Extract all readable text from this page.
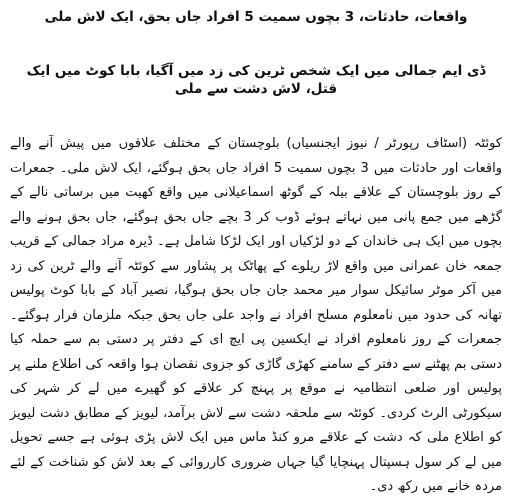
واقعات، حادثات، 3 بچوں سمیت 5 افراد جاں بحق، ایک لاش ملی
ڈی ایم جمالی میں ایک شخص ٹرین کی زد میں آگیا، بابا کوٹ میں ایک قتل، لاش دشت سے ملی

کوئٹہ (اسٹاف رپورٹر / نیوز ایجنسیاں) بلوچستان کے مختلف علاقوں میں پیش آنے والے واقعات اور حادثات میں 3 بچوں سمیت 5 افراد جاں بحق ہوگئے، ایک لاش ملی۔ جمعرات کے روز بلوچستان کے علاقے بیلہ کے گوٹھ اسماعیلانی میں واقع کھیت میں برساتی نالے کے گڑھے میں جمع پانی میں نہاتے ہوئے ڈوب کر 3 بچے جاں بحق ہوگئے، جاں بحق ہونے والے بچوں میں ایک ہی خاندان کے دو لڑکیاں اور ایک لڑکا شامل ہے۔ ڈیرہ مراد جمالی کے قریب جمعہ خان عمرانی میں واقع لاڑ ریلوے کے پھاٹک پر پشاور سے کوئٹہ آنے والے ٹرین کی زد میں آکر موٹر سائیکل سوار میر محمد جان جاں بحق ہوگیا، نصیر آباد کے بابا کوٹ پولیس تھانہ کی حدود میں نامعلوم مسلح افراد نے واجد علی جاں بحق جبکہ ملزمان فرار ہوگئے۔ جمعرات کے روز نامعلوم افراد نے ایکسین پی ایچ ای کے دفتر پر دستی بم سے حملہ کیا دستی بم پھٹنے سے دفتر کے سامنے کھڑی گاڑی کو جزوی نقصان ہوا واقعہ کی اطلاع ملنے پر پولیس اور ضلعی انتظامیہ نے موقع پر پہنچ کر علاقے کو گھیرے میں لے کر شہر کی سیکورٹی الرٹ کردی۔ کوئٹہ سے ملحقہ دشت سے لاش برآمد، لیویز کے مطابق دشت لیویز کو اطلاع ملی کہ دشت کے علاقے مرو کنڈ ماس میں ایک لاش پڑی ہوئی ہے جسے تحویل میں لے کر سول ہسپتال پہنچایا گیا جہاں ضروری کارروائی کے بعد لاش کو شناخت کے لئے مردہ خانے میں رکھ دی۔
